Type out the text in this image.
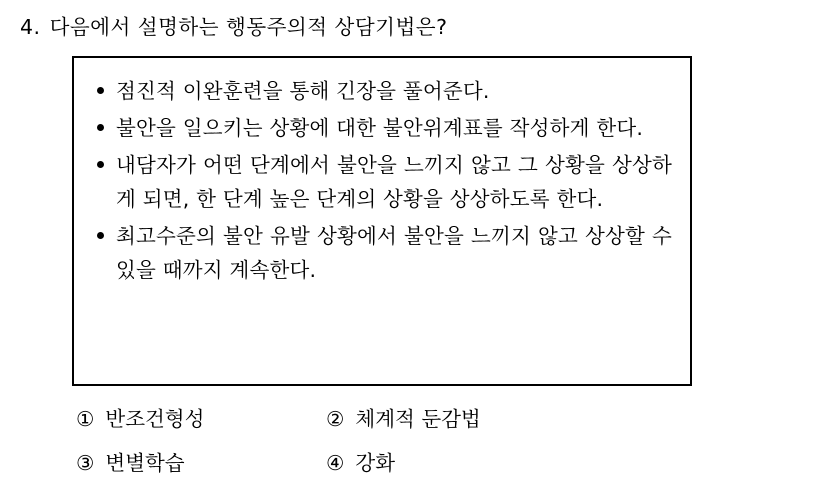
4. 다음에서 설명하는 행동주의적 상담기법은?
점진적 이완훈련을 통해 긴장을 풀어준다.
불안을 일으키는 상황에 대한 불안위계표를 작성하게 한다.
내담자가 어떤 단계에서 불안을 느끼지 않고 그 상황을 상상하게 되면, 한 단계 높은 단계의 상황을 상상하도록 한다.
최고수준의 불안 유발 상황에서 불안을 느끼지 않고 상상할 수 있을 때까지 계속한다.
① 반조건형성	② 체계적 둔감법
③ 변별학습	④ 강화
